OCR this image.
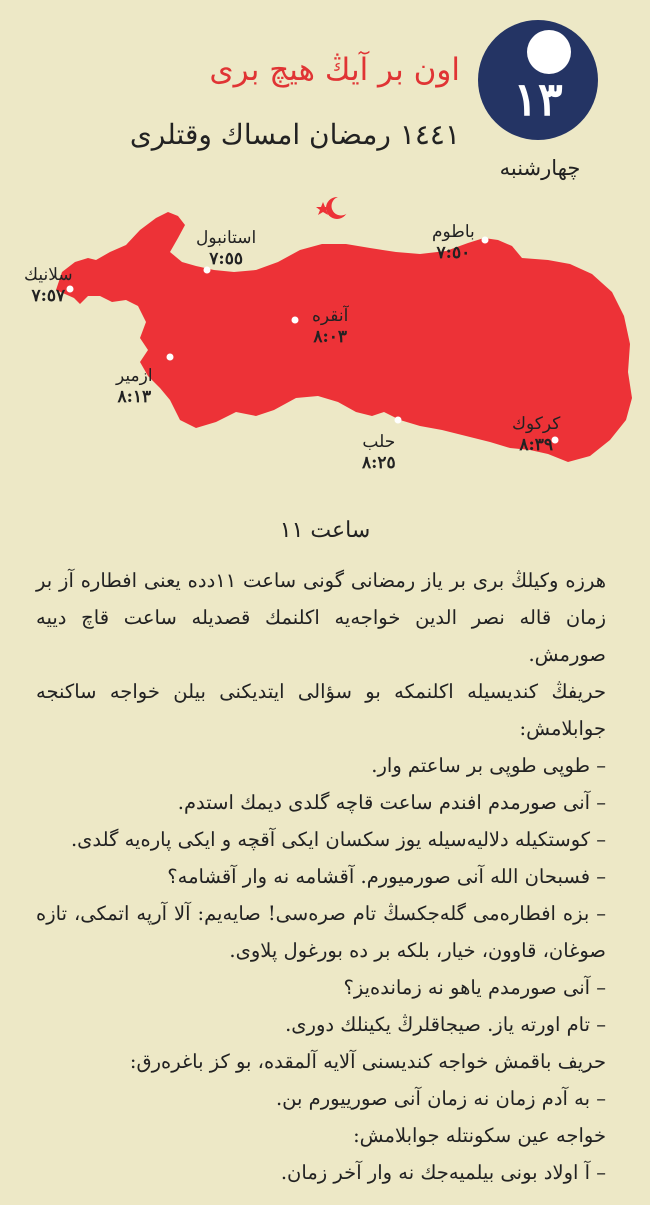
اون بر آیڭ هیچ بری
١٤٤١ رمضان امساك وقتلری
١٣
چهارشنبه
استانبول
٧:٥٥
باطوم
٧:٥٠
سلانیك
٧:٥٧
آنقره
٨:٠٣
ازمیر
٨:١٣
حلب
٨:٢٥
كركوك
٨:٣٩
ساعت ١١

هرزه وكیلڭ بری بر یاز رمضانی گونی ساعت ١١دده یعنی افطاره آز بر زمان قاله نصر الدین خواجه‌یه اكلنمك قصدیله ساعت قاچ دییه صورمش.

حریفڭ كندیسیله اكلنمكه بو سؤالی ایتدیكنی بیلن خواجه ساكنجه جوابلامش:

– طوپی طوپی بر ساعتم وار.

– آنی صورمدم افندم ساعت قاچه گلدی دیمك استدم.

– كوستكیله دلالیه‌سیله یوز سكسان ایكی آقچه و ایكی پاره‌یه گلدی.

– فسبحان الله آنی صورمیورم. آقشامه نه وار آقشامه؟

– بزه افطاره‌می گله‌جكسڭ تام صره‌سی! صایه‌یم: آلا آرپه اتمكی، تازه صوغان، قاوون، خیار، بلكه بر ده بورغول پلاوی.

– آنی صورمدم یاهو نه زمانده‌یز؟

– تام اورته یاز. صیجاقلرڭ یكینلك دوری.

حریف باقمش خواجه كندیسنی آلایه آلمقده، بو كز باغره‌رق:

– به آدم زمان نه زمان آنی صورییورم بن.

خواجه عین سكونتله جوابلامش:

– آ اولاد بونی بیلمیه‌جك نه وار آخر زمان.
